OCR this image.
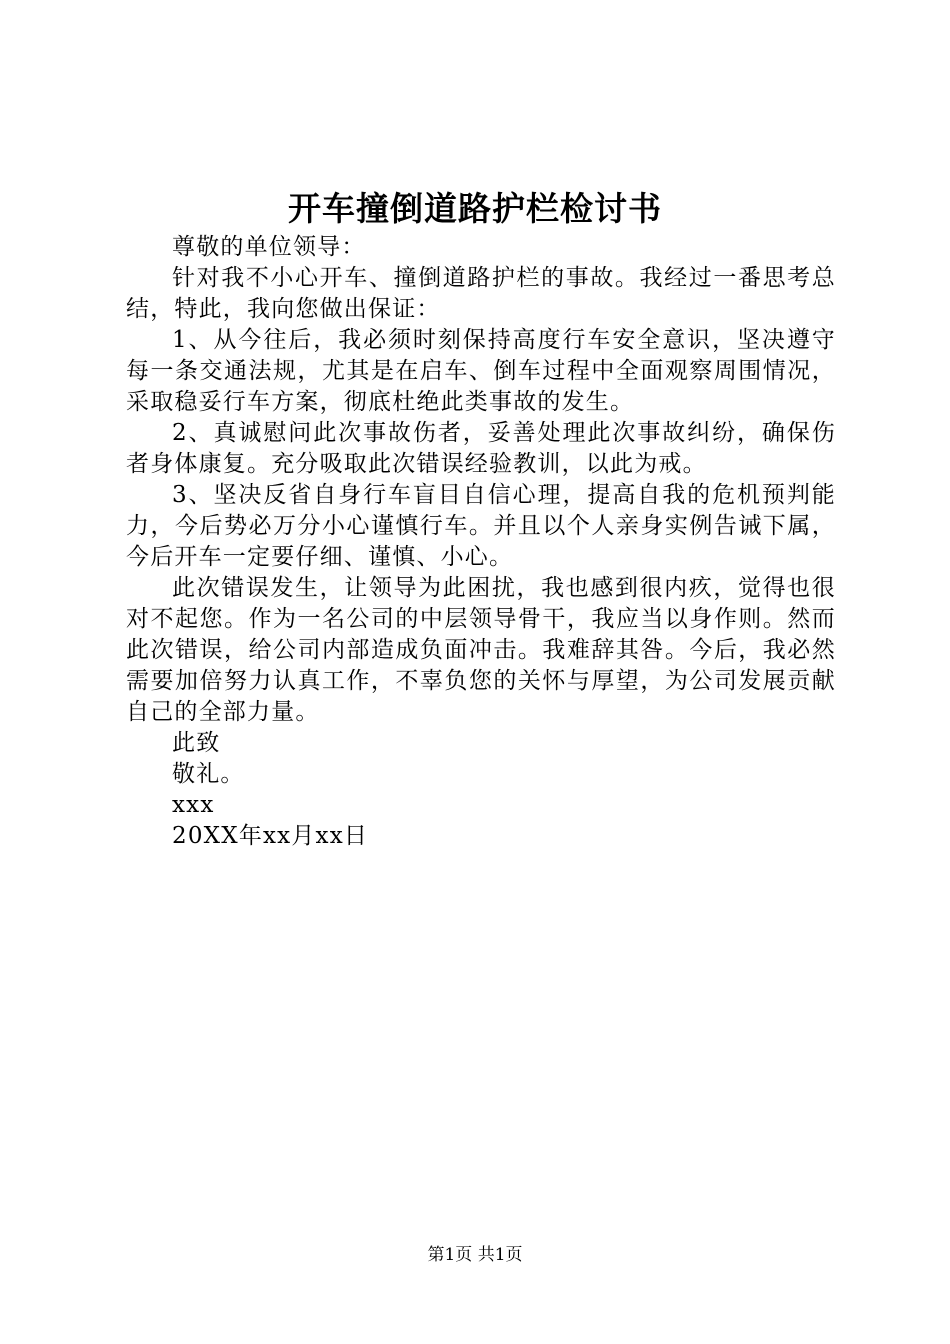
开车撞倒道路护栏检讨书

尊敬的单位领导：

针对我不小心开车、撞倒道路护栏的事故。我经过一番思考总结，特此，我向您做出保证：

1、从今往后，我必须时刻保持高度行车安全意识，坚决遵守每一条交通法规，尤其是在启车、倒车过程中全面观察周围情况，采取稳妥行车方案，彻底杜绝此类事故的发生。

2、真诚慰问此次事故伤者，妥善处理此次事故纠纷，确保伤者身体康复。充分吸取此次错误经验教训，以此为戒。

3、坚决反省自身行车盲目自信心理，提高自我的危机预判能力，今后势必万分小心谨慎行车。并且以个人亲身实例告诫下属，今后开车一定要仔细、谨慎、小心。

此次错误发生，让领导为此困扰，我也感到很内疚，觉得也很对不起您。作为一名公司的中层领导骨干，我应当以身作则。然而此次错误，给公司内部造成负面冲击。我难辞其咎。今后，我必然需要加倍努力认真工作，不辜负您的关怀与厚望，为公司发展贡献自己的全部力量。

此致

敬礼。

xxx

20XX年xx月xx日

第1页 共1页
